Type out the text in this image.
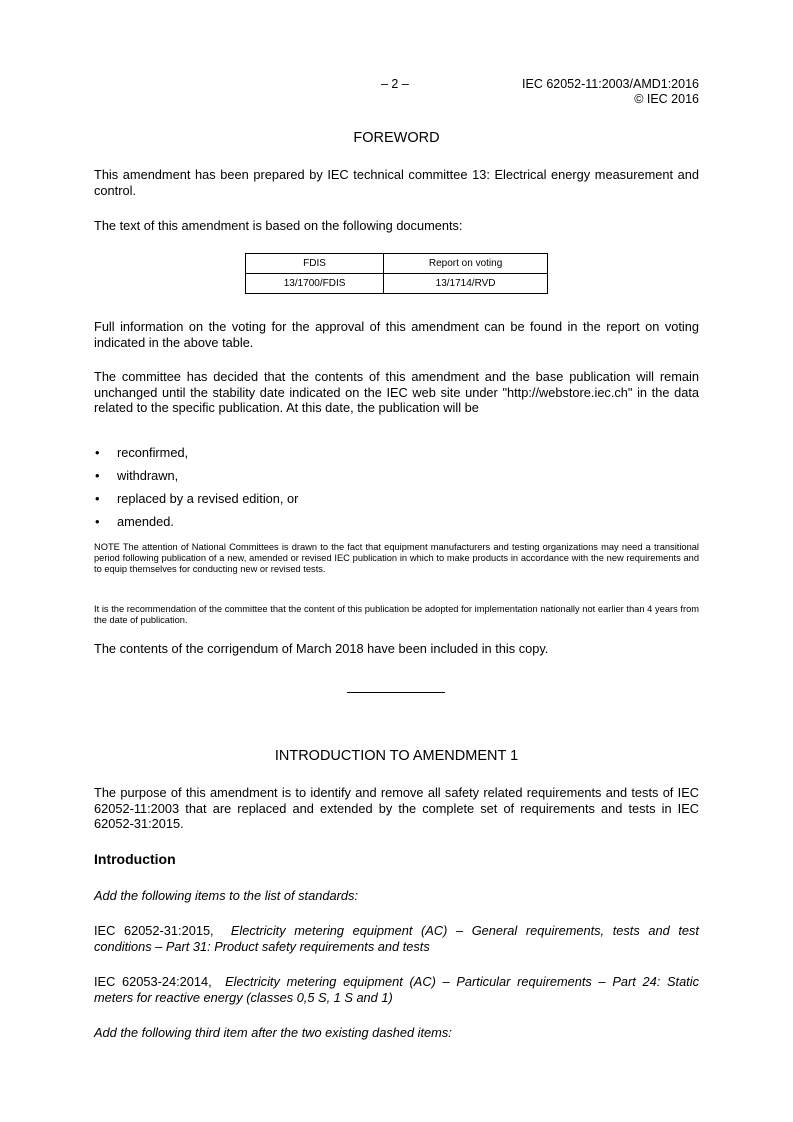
– 2 –	IEC 62052-11:2003/AMD1:2016
© IEC 2016
FOREWORD

This amendment has been prepared by IEC technical committee 13: Electrical energy measurement and control.

The text of this amendment is based on the following documents:

FDIS	Report on voting
13/1700/FDIS	13/1714/RVD

Full information on the voting for the approval of this amendment can be found in the report on voting indicated in the above table.

The committee has decided that the contents of this amendment and the base publication will remain unchanged until the stability date indicated on the IEC web site under "http://webstore.iec.ch" in the data related to the specific publication. At this date, the publication will be

• reconfirmed,
• withdrawn,
• replaced by a revised edition, or
• amended.

NOTE The attention of National Committees is drawn to the fact that equipment manufacturers and testing organizations may need a transitional period following publication of a new, amended or revised IEC publication in which to make products in accordance with the new requirements and to equip themselves for conducting new or revised tests.

It is the recommendation of the committee that the content of this publication be adopted for implementation nationally not earlier than 4 years from the date of publication.

The contents of the corrigendum of March 2018 have been included in this copy.

INTRODUCTION TO AMENDMENT 1

The purpose of this amendment is to identify and remove all safety related requirements and tests of IEC 62052-11:2003 that are replaced and extended by the complete set of requirements and tests in IEC 62052-31:2015.

Introduction

Add the following items to the list of standards:

IEC 62052-31:2015, Electricity metering equipment (AC) – General requirements, tests and test conditions – Part 31: Product safety requirements and tests

IEC 62053-24:2014, Electricity metering equipment (AC) – Particular requirements – Part 24: Static meters for reactive energy (classes 0,5 S, 1 S and 1)

Add the following third item after the two existing dashed items:
